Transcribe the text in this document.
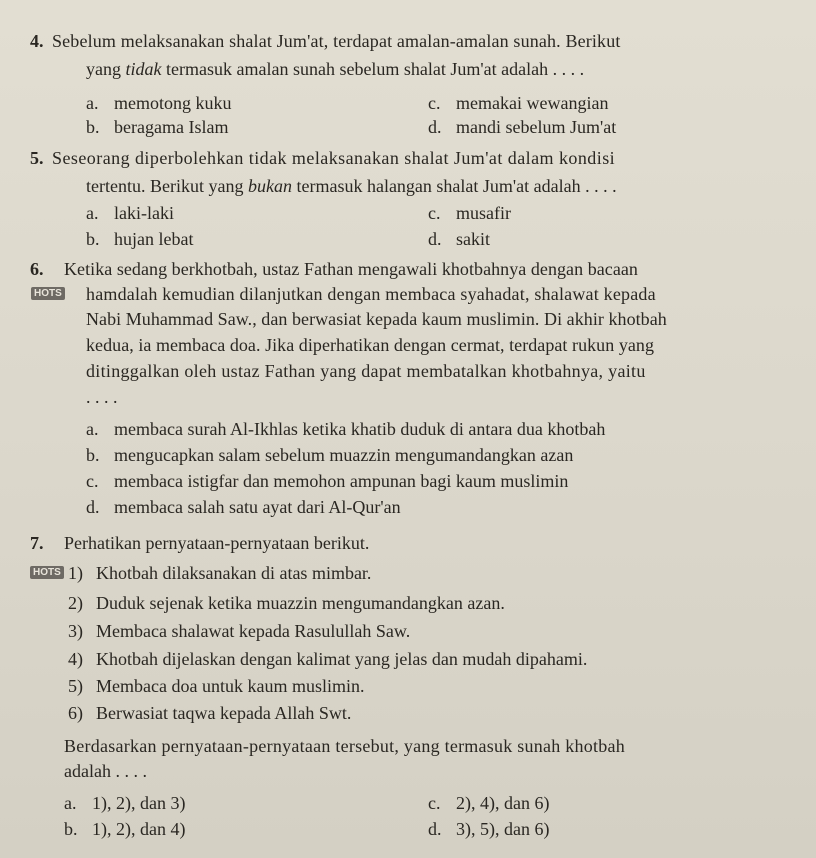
4. Sebelum melaksanakan shalat Jum'at, terdapat amalan-amalan sunah. Berikut
yang tidak termasuk amalan sunah sebelum shalat Jum'at adalah . . . .
a. memotong kuku
b. beragama Islam
c. memakai wewangian
d. mandi sebelum Jum'at
5. Seseorang diperbolehkan tidak melaksanakan shalat Jum'at dalam kondisi
tertentu. Berikut yang bukan termasuk halangan shalat Jum'at adalah . . . .
a. laki-laki
b. hujan lebat
c. musafir
d. sakit
6.
HOTS
Ketika sedang berkhotbah, ustaz Fathan mengawali khotbahnya dengan bacaan
hamdalah kemudian dilanjutkan dengan membaca syahadat, shalawat kepada
Nabi Muhammad Saw., dan berwasiat kepada kaum muslimin. Di akhir khotbah
kedua, ia membaca doa. Jika diperhatikan dengan cermat, terdapat rukun yang
ditinggalkan oleh ustaz Fathan yang dapat membatalkan khotbahnya, yaitu
. . . .
a. membaca surah Al-Ikhlas ketika khatib duduk di antara dua khotbah
b. mengucapkan salam sebelum muazzin mengumandangkan azan
c. membaca istigfar dan memohon ampunan bagi kaum muslimin
d. membaca salah satu ayat dari Al-Qur'an
7. Perhatikan pernyataan-pernyataan berikut.
HOTS 1) Khotbah dilaksanakan di atas mimbar.
2) Duduk sejenak ketika muazzin mengumandangkan azan.
3) Membaca shalawat kepada Rasulullah Saw.
4) Khotbah dijelaskan dengan kalimat yang jelas dan mudah dipahami.
5) Membaca doa untuk kaum muslimin.
6) Berwasiat taqwa kepada Allah Swt.
Berdasarkan pernyataan-pernyataan tersebut, yang termasuk sunah khotbah
adalah . . . .
a. 1), 2), dan 3)
b. 1), 2), dan 4)
c. 2), 4), dan 6)
d. 3), 5), dan 6)
